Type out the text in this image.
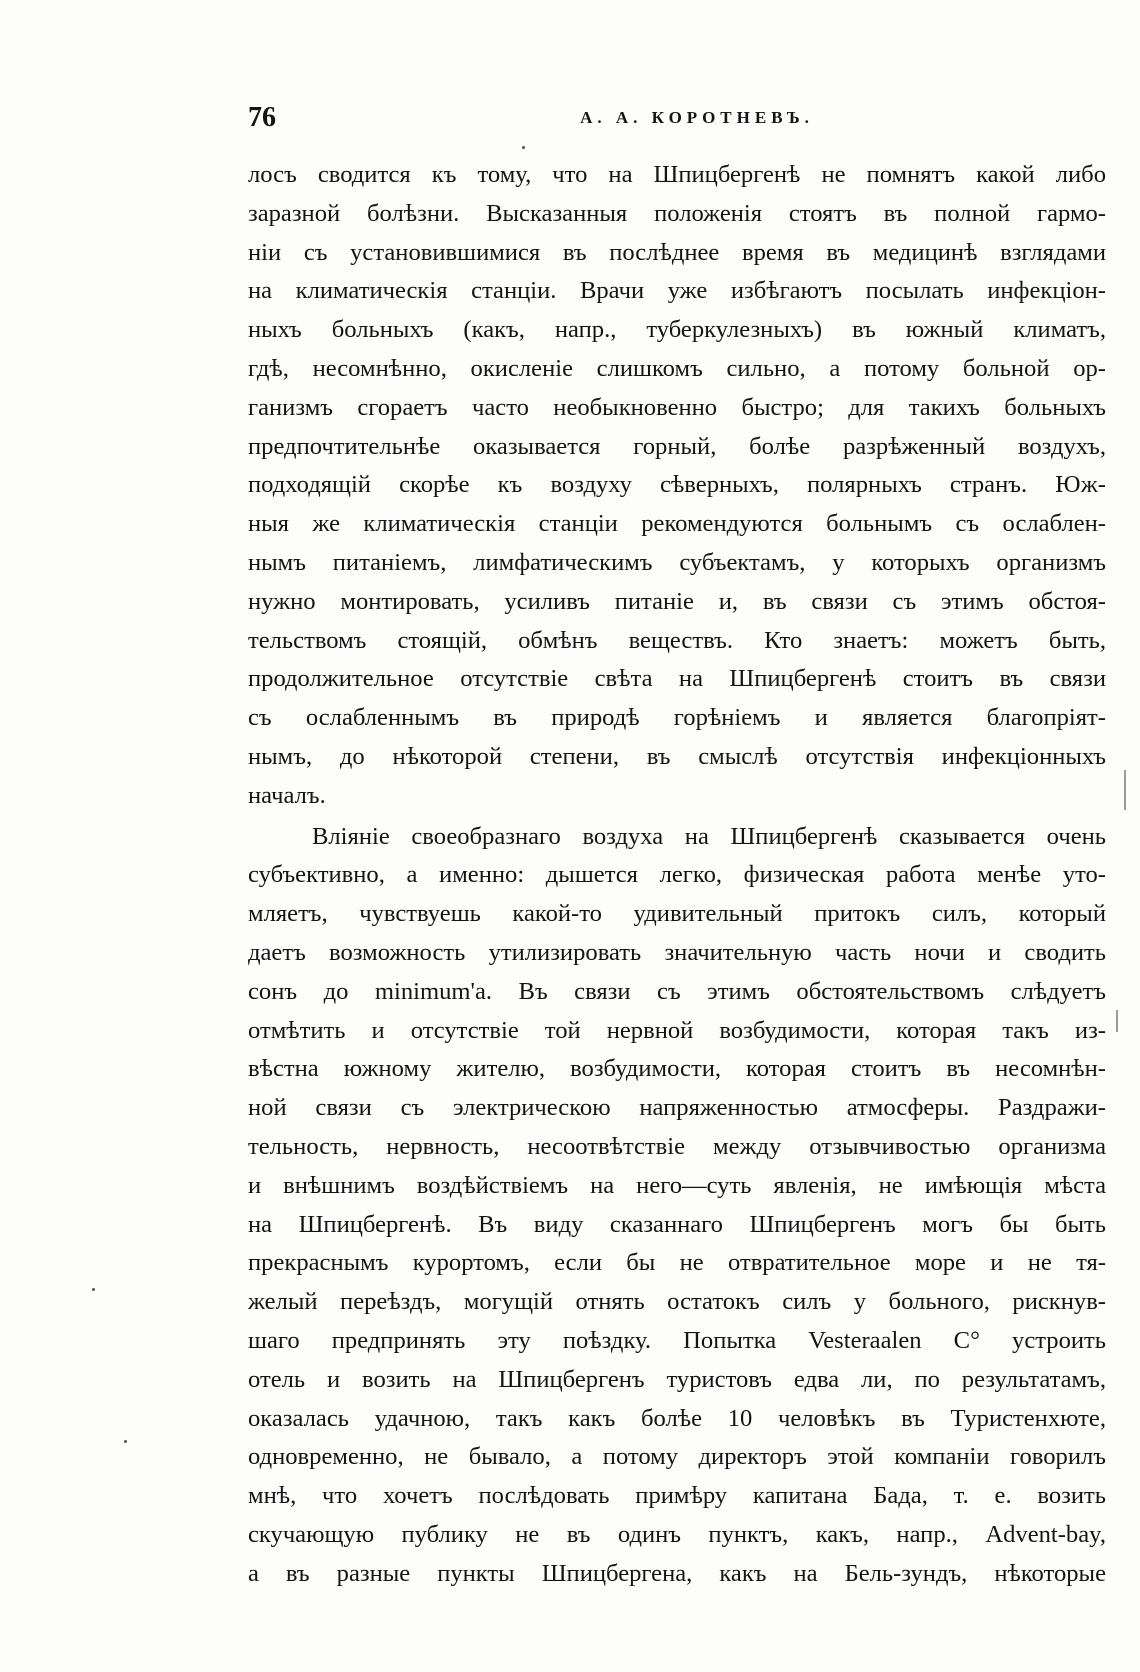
76	А. А. КОРОТНЕВЪ.
лосъ сводится къ тому, что на Шпицбергенѣ не помнятъ какой либо
заразной болѣзни. Высказанныя положенія стоятъ въ полной гармо-
ніи съ установившимися въ послѣднее время въ медицинѣ взглядами
на климатическія станціи. Врачи уже избѣгаютъ посылать инфекціон-
ныхъ больныхъ (какъ, напр., туберкулезныхъ) въ южный климатъ,
гдѣ, несомнѣнно, окисленіе слишкомъ сильно, а потому больной ор-
ганизмъ сгораетъ часто необыкновенно быстро; для такихъ больныхъ
предпочтительнѣе оказывается горный, болѣе разрѣженный воздухъ,
подходящій скорѣе къ воздуху сѣверныхъ, полярныхъ странъ. Юж-
ныя же климатическія станціи рекомендуются больнымъ съ ослаблен-
нымъ питаніемъ, лимфатическимъ субъектамъ, у которыхъ организмъ
нужно монтировать, усиливъ питаніе и, въ связи съ этимъ обстоя-
тельствомъ стоящій, обмѣнъ веществъ. Кто знаетъ: можетъ быть,
продолжительное отсутствіе свѣта на Шпицбергенѣ стоитъ въ связи
съ ослабленнымъ въ природѣ горѣніемъ и является благопріят-
нымъ, до нѣкоторой степени, въ смыслѣ отсутствія инфекціонныхъ
началъ.
Вліяніе своеобразнаго воздуха на Шпицбергенѣ сказывается очень
субъективно, а именно: дышется легко, физическая работа менѣе уто-
мляетъ, чувствуешь какой-то удивительный притокъ силъ, который
даетъ возможность утилизировать значительную часть ночи и сводить
сонъ до minimum'а. Въ связи съ этимъ обстоятельствомъ слѣдуетъ
отмѣтить и отсутствіе той нервной возбудимости, которая такъ из-
вѣстна южному жителю, возбудимости, которая стоитъ въ несомнѣн-
ной связи съ электрическою напряженностью атмосферы. Раздражи-
тельность, нервность, несоотвѣтствіе между отзывчивостью организма
и внѣшнимъ воздѣйствіемъ на него—суть явленія, не имѣющія мѣста
на Шпицбергенѣ. Въ виду сказаннаго Шпицбергенъ могъ бы быть
прекраснымъ курортомъ, если бы не отвратительное море и не тя-
желый переѣздъ, могущій отнять остатокъ силъ у больного, рискнув-
шаго предпринять эту поѣздку. Попытка Vesteraalen C° устроить
отель и возить на Шпицбергенъ туристовъ едва ли, по результатамъ,
оказалась удачною, такъ какъ болѣе 10 человѣкъ въ Туристенхюте,
одновременно, не бывало, а потому директоръ этой компаніи говорилъ
мнѣ, что хочетъ послѣдовать примѣру капитана Бада, т. е. возить
скучающую публику не въ одинъ пунктъ, какъ, напр., Advent-bay,
а въ разные пункты Шпицбергена, какъ на Бель-зундъ, нѣкоторые
